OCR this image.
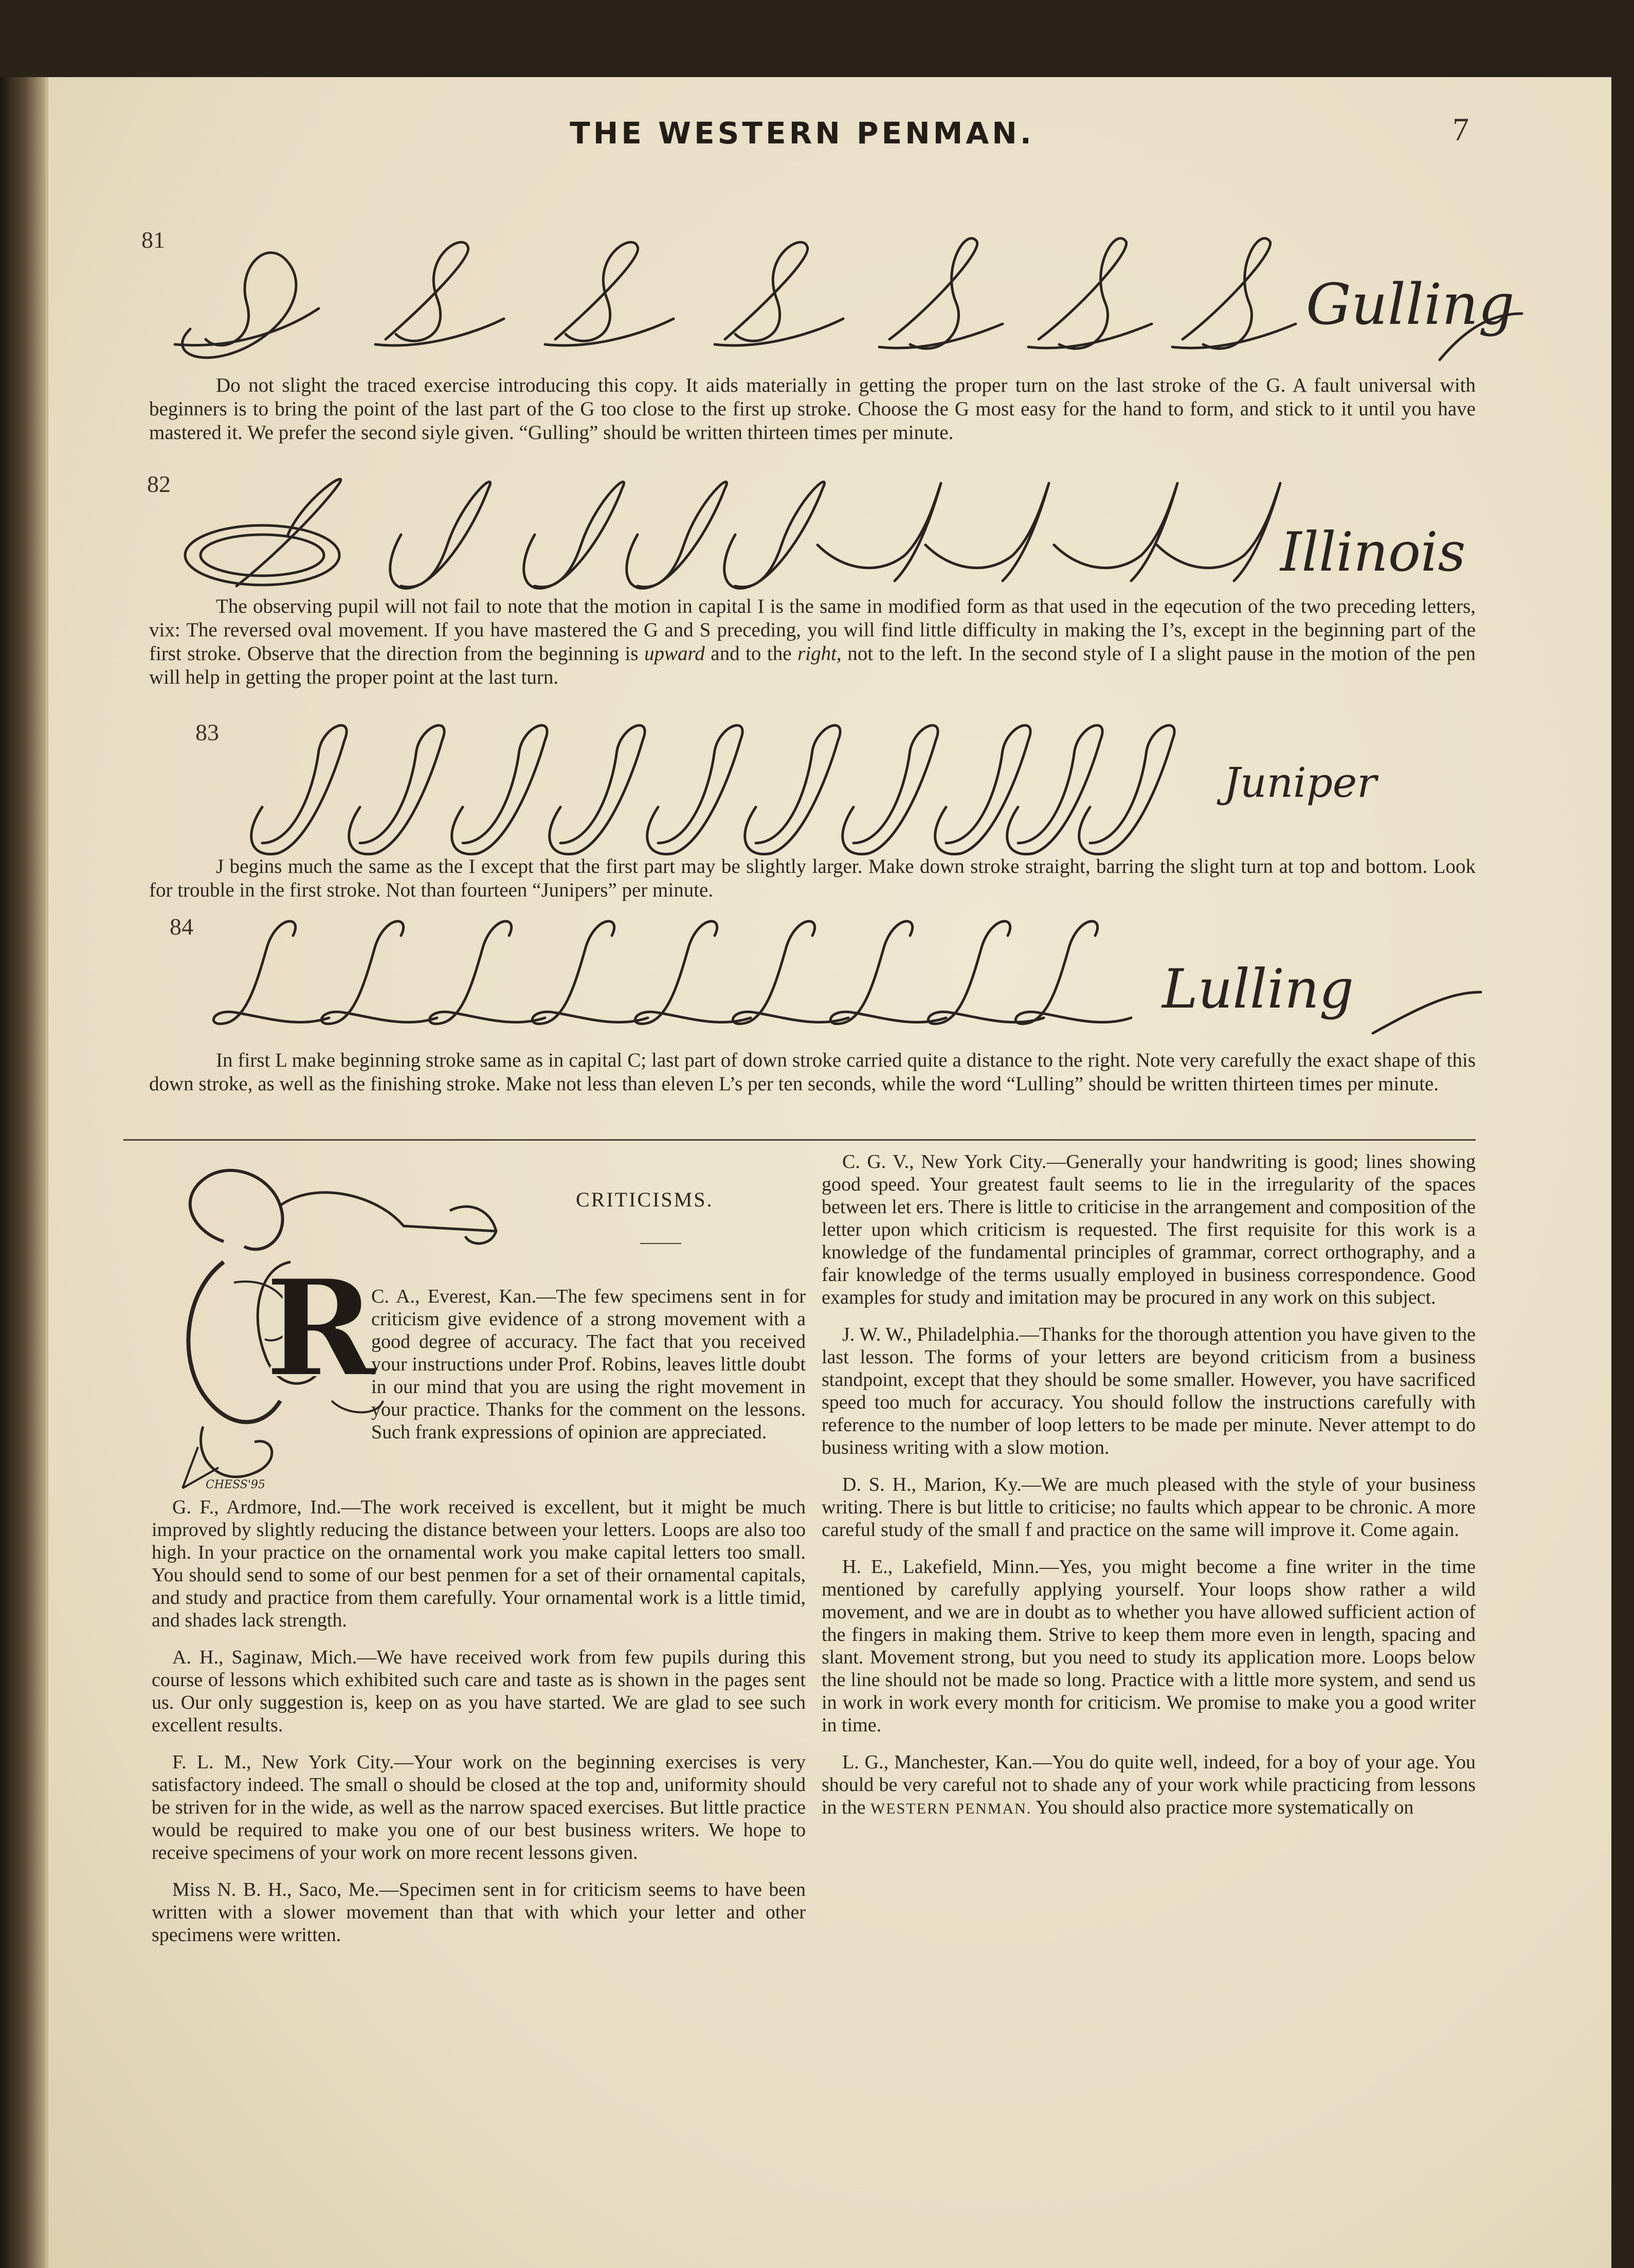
THE WESTERN PENMAN.	7
81
Gulling
Do not slight the traced exercise introducing this copy. It aids materially in getting the proper turn on the last stroke of the G. A fault universal with beginners is to bring the point of the last part of the G too close to the first up stroke. Choose the G most easy for the hand to form, and stick to it until you have mastered it. We prefer the second siyle given. “Gulling” should be written thirteen times per minute.
82
Illinois
The observing pupil will not fail to note that the motion in capital I is the same in modified form as that used in the eqecution of the two preceding letters, vix: The reversed oval movement. If you have mastered the G and S preceding, you will find little difficulty in making the I’s, except in the beginning part of the first stroke. Observe that the direction from the beginning is upward and to the right, not to the left. In the second style of I a slight pause in the motion of the pen will help in getting the proper point at the last turn.
83
Juniper
J begins much the same as the I except that the first part may be slightly larger. Make down stroke straight, barring the slight turn at top and bottom. Look for trouble in the first stroke. Not than fourteen “Junipers” per minute.
84
Lulling
In first L make beginning stroke same as in capital C; last part of down stroke carried quite a distance to the right. Note very carefully the exact shape of this down stroke, as well as the finishing stroke. Make not less than eleven L’s per ten seconds, while the word “Lulling” should be written thirteen times per minute.
CRITICISMS.
R
CHESS'95

C. A., Everest, Kan.—The few specimens sent in for criticism give evidence of a strong movement with a good degree of accuracy. The fact that you received your instructions under Prof. Robins, leaves little doubt in our mind that you are using the right movement in your practice. Thanks for the comment on the lessons. Such frank expressions of opinion are appreciated.

G. F., Ardmore, Ind.—The work received is excellent, but it might be much improved by slightly reducing the distance between your letters. Loops are also too high. In your practice on the ornamental work you make capital letters too small. You should send to some of our best penmen for a set of their ornamental capitals, and study and practice from them carefully. Your ornamental work is a little timid, and shades lack strength.

A. H., Saginaw, Mich.—We have received work from few pupils during this course of lessons which exhibited such care and taste as is shown in the pages sent us. Our only suggestion is, keep on as you have started. We are glad to see such excellent results.

F. L. M., New York City.—Your work on the beginning exercises is very satisfactory indeed. The small o should be closed at the top and, uniformity should be striven for in the wide, as well as the narrow spaced exercises. But little practice would be required to make you one of our best business writers. We hope to receive specimens of your work on more recent lessons given.

Miss N. B. H., Saco, Me.—Specimen sent in for criticism seems to have been written with a slower movement than that with which your letter and other specimens were written.

C. G. V., New York City.—Generally your handwriting is good; lines showing good speed. Your greatest fault seems to lie in the irregularity of the spaces between let ers. There is little to criticise in the arrangement and composition of the letter upon which criticism is requested. The first requisite for this work is a knowledge of the fundamental principles of grammar, correct orthography, and a fair knowledge of the terms usually employed in business correspondence. Good examples for study and imitation may be procured in any work on this subject.

J. W. W., Philadelphia.—Thanks for the thorough attention you have given to the last lesson. The forms of your letters are beyond criticism from a business standpoint, except that they should be some smaller. However, you have sacrificed speed too much for accuracy. You should follow the instructions carefully with reference to the number of loop letters to be made per minute. Never attempt to do business writing with a slow motion.

D. S. H., Marion, Ky.—We are much pleased with the style of your business writing. There is but little to criticise; no faults which appear to be chronic. A more careful study of the small f and practice on the same will improve it. Come again.

H. E., Lakefield, Minn.—Yes, you might become a fine writer in the time mentioned by carefully applying yourself. Your loops show rather a wild movement, and we are in doubt as to whether you have allowed sufficient action of the fingers in making them. Strive to keep them more even in length, spacing and slant. Movement strong, but you need to study its application more. Loops below the line should not be made so long. Practice with a little more system, and send us in work in work every month for criticism. We promise to make you a good writer in time.

L. G., Manchester, Kan.—You do quite well, indeed, for a boy of your age. You should be very careful not to shade any of your work while practicing from lessons in the WESTERN PENMAN. You should also practice more systematically on
